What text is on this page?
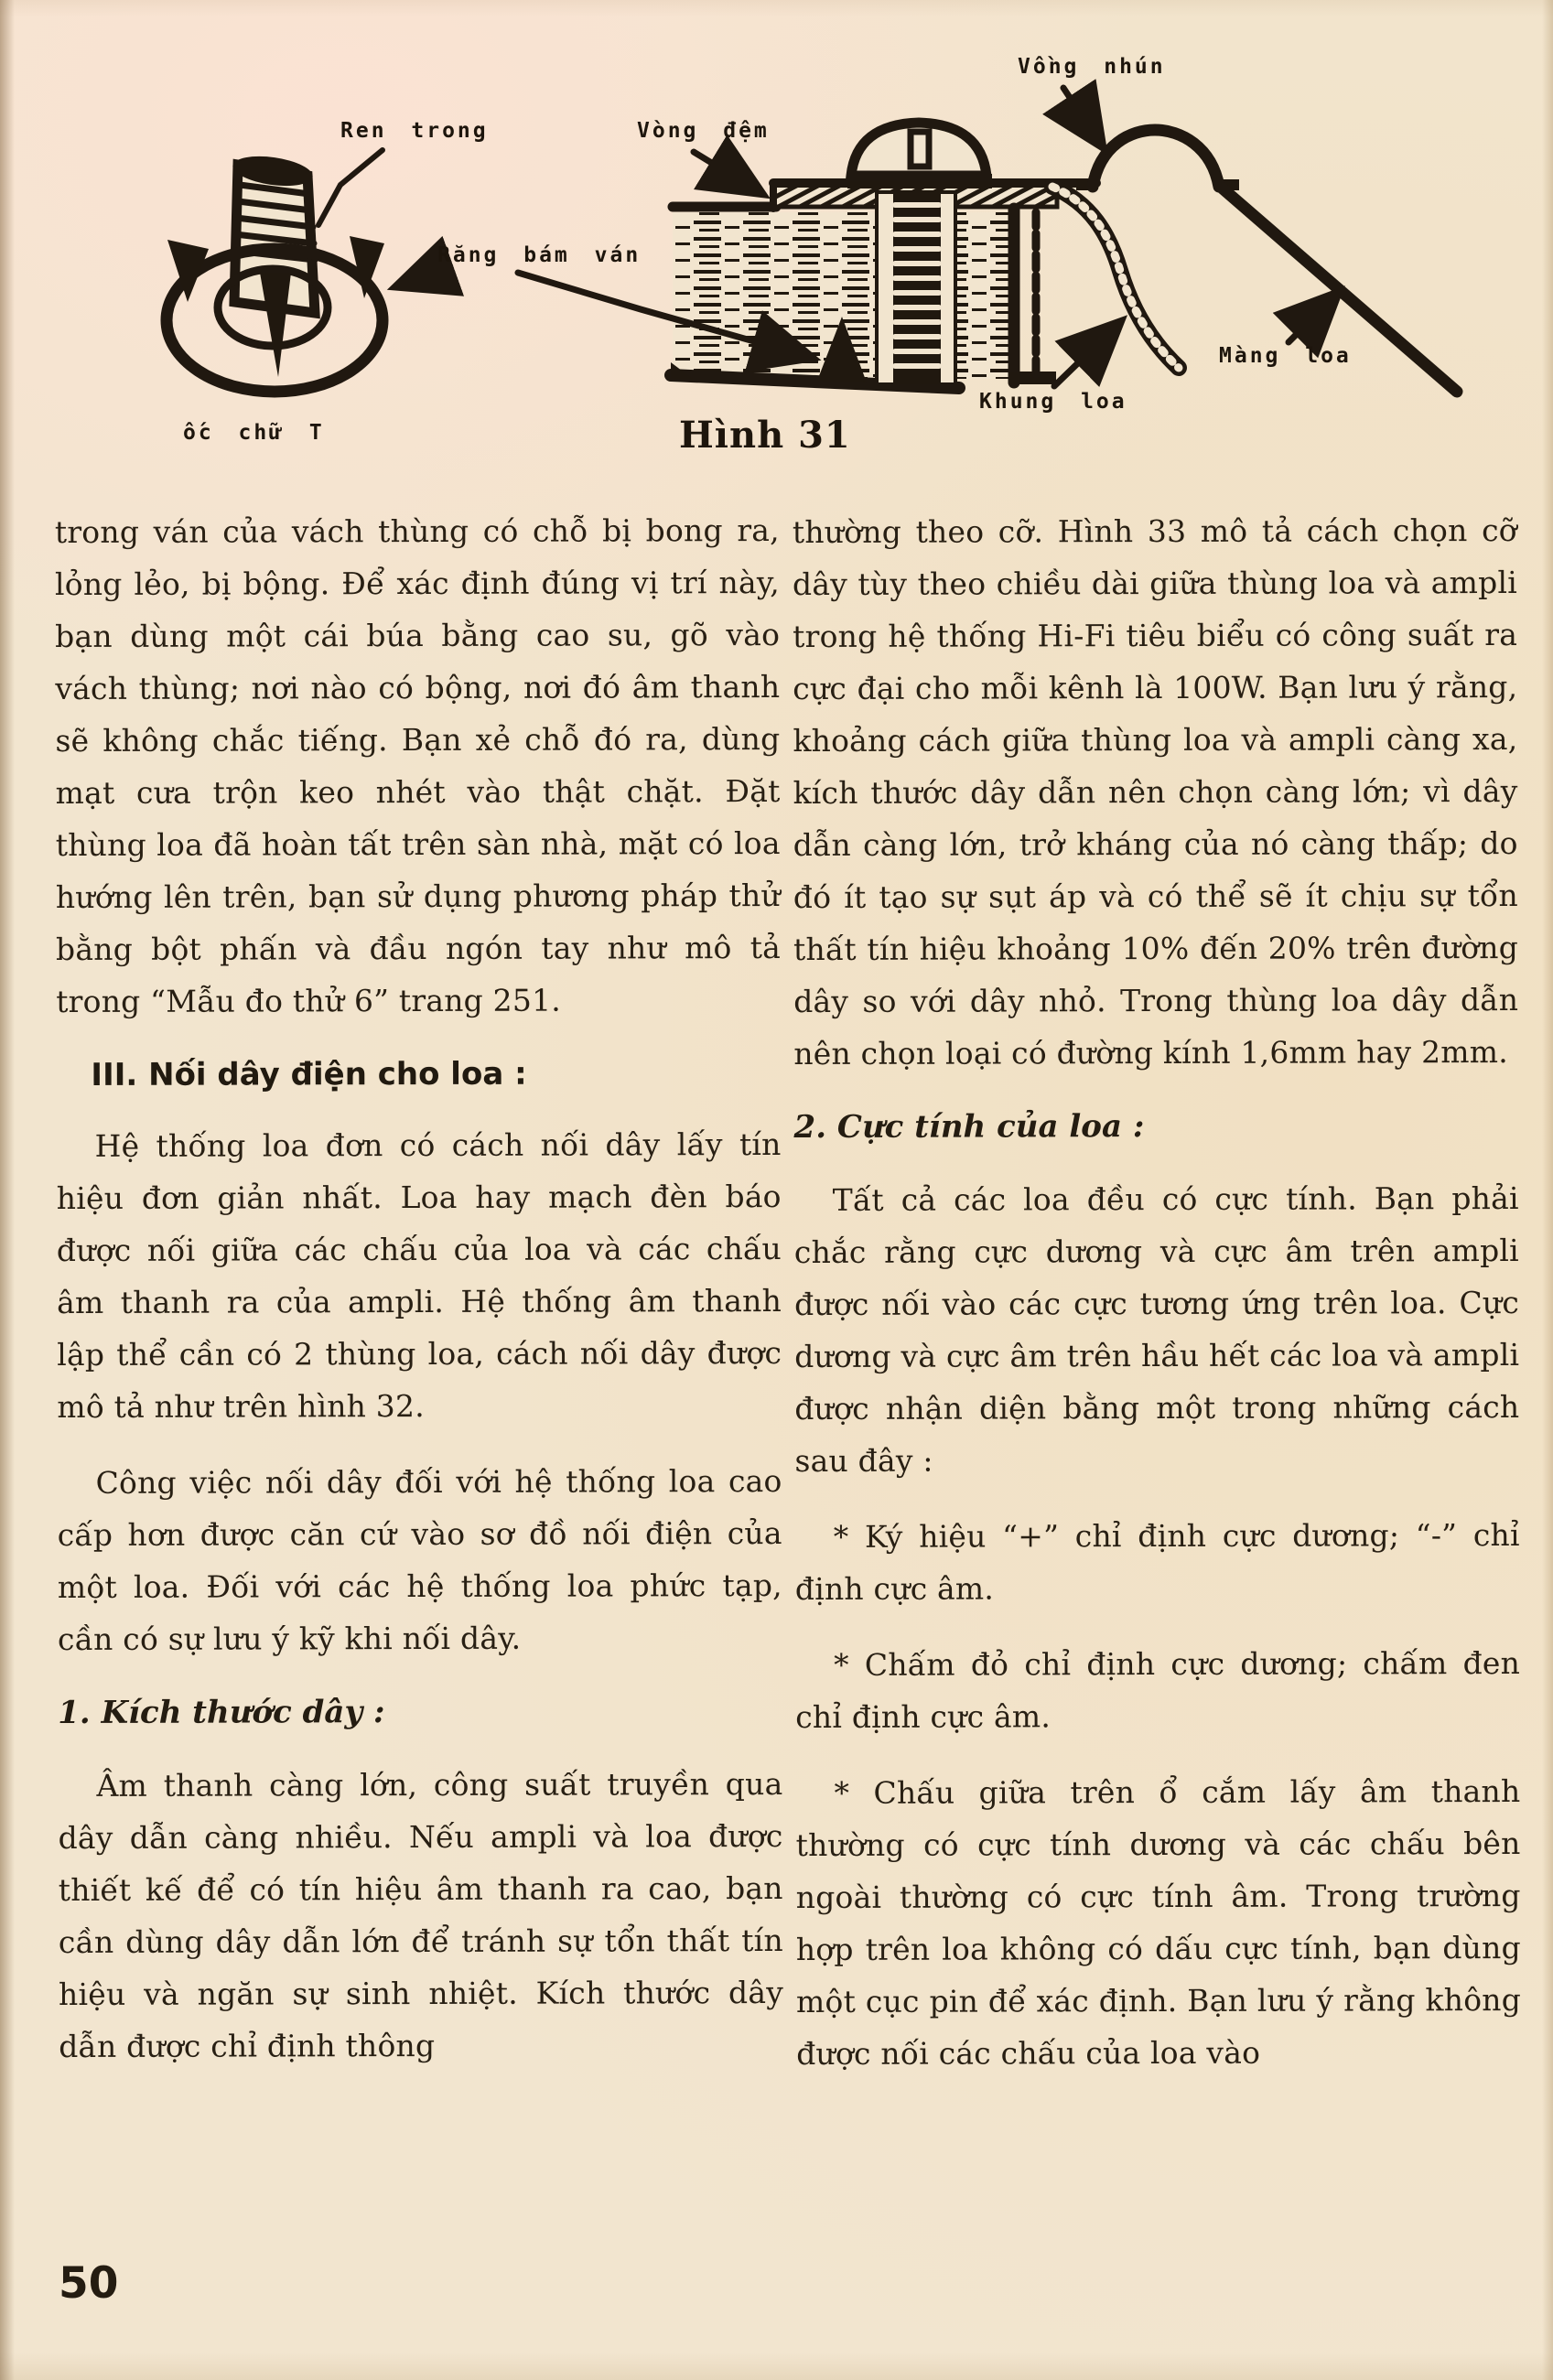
Ren trong	Vòng đệm
Vồng nhún
Răng bám ván
Màng loa
Khung loa
ốc chữ T	Hình 31

trong ván của vách thùng có chỗ bị bong ra, lỏng lẻo, bị bộng. Để xác định đúng vị trí này, bạn dùng một cái búa bằng cao su, gõ vào vách thùng; nơi nào có bộng, nơi đó âm thanh sẽ không chắc tiếng. Bạn xẻ chỗ đó ra, dùng mạt cưa trộn keo nhét vào thật chặt. Đặt thùng loa đã hoàn tất trên sàn nhà, mặt có loa hướng lên trên, bạn sử dụng phương pháp thử bằng bột phấn và đầu ngón tay như mô tả trong “Mẫu đo thử 6” trang 251.

III. Nối dây điện cho loa :

Hệ thống loa đơn có cách nối dây lấy tín hiệu đơn giản nhất. Loa hay mạch đèn báo được nối giữa các chấu của loa và các chấu âm thanh ra của ampli. Hệ thống âm thanh lập thể cần có 2 thùng loa, cách nối dây được mô tả như trên hình 32.

Công việc nối dây đối với hệ thống loa cao cấp hơn được căn cứ vào sơ đồ nối điện của một loa. Đối với các hệ thống loa phức tạp, cần có sự lưu ý kỹ khi nối dây.

1. Kích thước dây :

Âm thanh càng lớn, công suất truyền qua dây dẫn càng nhiều. Nếu ampli và loa được thiết kế để có tín hiệu âm thanh ra cao, bạn cần dùng dây dẫn lớn để tránh sự tổn thất tín hiệu và ngăn sự sinh nhiệt. Kích thước dây dẫn được chỉ định thông

thường theo cỡ. Hình 33 mô tả cách chọn cỡ dây tùy theo chiều dài giữa thùng loa và ampli trong hệ thống Hi-Fi tiêu biểu có công suất ra cực đại cho mỗi kênh là 100W. Bạn lưu ý rằng, khoảng cách giữa thùng loa và ampli càng xa, kích thước dây dẫn nên chọn càng lớn; vì dây dẫn càng lớn, trở kháng của nó càng thấp; do đó ít tạo sự sụt áp và có thể sẽ ít chịu sự tổn thất tín hiệu khoảng 10% đến 20% trên đường dây so với dây nhỏ. Trong thùng loa dây dẫn nên chọn loại có đường kính 1,6mm hay 2mm.

2. Cực tính của loa :

Tất cả các loa đều có cực tính. Bạn phải chắc rằng cực dương và cực âm trên ampli được nối vào các cực tương ứng trên loa. Cực dương và cực âm trên hầu hết các loa và ampli được nhận diện bằng một trong những cách sau đây :

* Ký hiệu “+” chỉ định cực dương; “-” chỉ định cực âm.

* Chấm đỏ chỉ định cực dương; chấm đen chỉ định cực âm.

* Chấu giữa trên ổ cắm lấy âm thanh thường có cực tính dương và các chấu bên ngoài thường có cực tính âm. Trong trường hợp trên loa không có dấu cực tính, bạn dùng một cục pin để xác định. Bạn lưu ý rằng không được nối các chấu của loa vào

50
